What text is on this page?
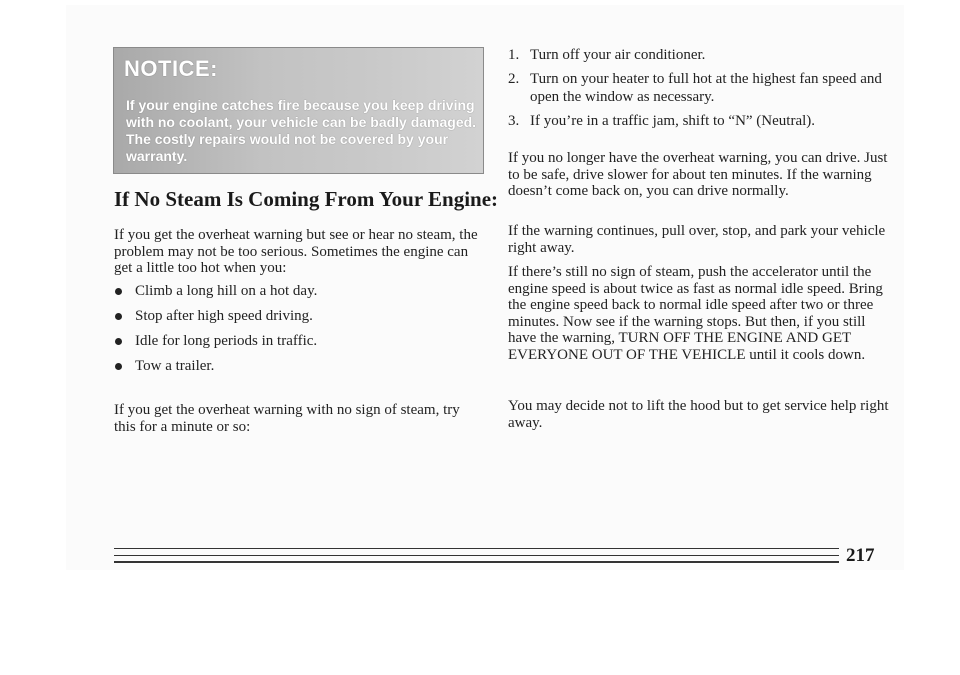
NOTICE:
If your engine catches fire because you keep driving with no coolant, your vehicle can be badly damaged. The costly repairs would not be covered by your warranty.
If No Steam Is Coming From Your Engine:
If you get the overheat warning but see or hear no steam, the problem may not be too serious. Sometimes the engine can get a little too hot when you:
Climb a long hill on a hot day.
Stop after high speed driving.
Idle for long periods in traffic.
Tow a trailer.
If you get the overheat warning with no sign of steam, try this for a minute or so:
1. Turn off your air conditioner.
2. Turn on your heater to full hot at the highest fan speed and open the window as necessary.
3. If you’re in a traffic jam, shift to “N” (Neutral).
If you no longer have the overheat warning, you can drive. Just to be safe, drive slower for about ten minutes. If the warning doesn’t come back on, you can drive normally.
If the warning continues, pull over, stop, and park your vehicle right away.
If there’s still no sign of steam, push the accelerator until the engine speed is about twice as fast as normal idle speed. Bring the engine speed back to normal idle speed after two or three minutes. Now see if the warning stops. But then, if you still have the warning, TURN OFF THE ENGINE AND GET EVERYONE OUT OF THE VEHICLE until it cools down.
You may decide not to lift the hood but to get service help right away.
217
